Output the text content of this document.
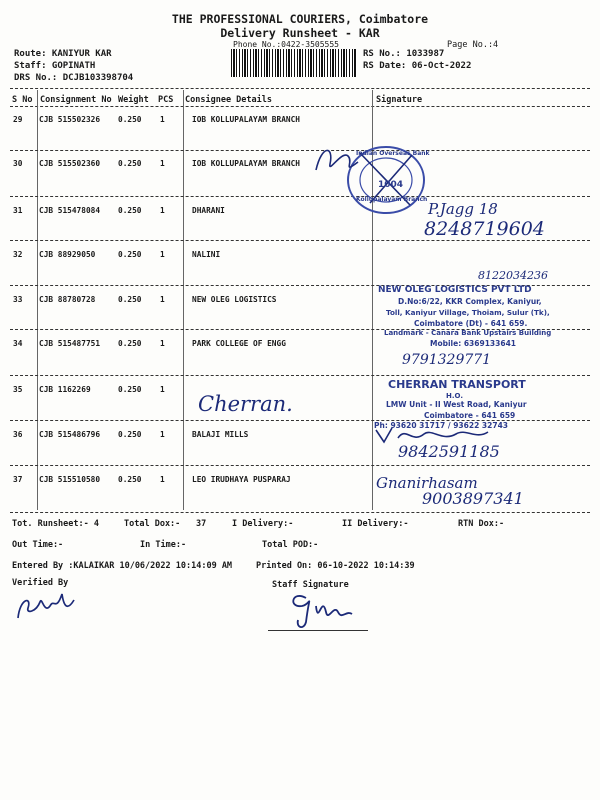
THE PROFESSIONAL COURIERS, Coimbatore
Delivery Runsheet - KAR
Phone No.:0422-3505555	Page No.:4
Route: KANIYUR KAR
Staff: GOPINATH
DRS No.: DCJB103398704
RS No.: 1033987
RS Date: 06-Oct-2022
S No Consignment No Weight PCS Consignee Details	Signature
29 CJB 515502326 0.250 1	IOB KOLLUPALAYAM BRANCH
30 CJB 515502360 0.250 1	IOB KOLLUPALAYAM BRANCH
31 CJB 515478084 0.250 1	DHARANI
32 CJB 88929050	0.250 1	NALINI
33 CJB 88780728	0.250 1	NEW OLEG LOGISTICS
34 CJB 515487751 0.250 1	PARK COLLEGE OF ENGG
35 CJB 1162269	0.250 1
36 CJB 515486796 0.250 1	BALAJI MILLS
37 CJB 515510580 0.250 1	LEO IRUDHAYA PUSPARAJ
Indian Overseas Bank
1004
Kollupalayam Branch
P.Jagg 18
8248719604
8122034236
NEW OLEG LOGISTICS PVT LTD
D.No:6/22, KKR Complex, Kaniyur,
Toll, Kaniyur Village, Thoiam, Sulur (Tk),
Coimbatore (Dt) - 641 659.
Landmark - Canara Bank Upstairs Building
Mobile: 6369133641
9791329771
Cherran.
CHERRAN TRANSPORT
H.O.
LMW Unit - II West Road, Kaniyur
Coimbatore - 641 659
Ph: 93620 31717 / 93622 32743
9842591185
Gnanirhasam
9003897341
Tot. Runsheet:- 4	Total Dox:- 37	I Delivery:-	II Delivery:-	RTN Dox:-
Out Time:-	In Time:-	Total POD:-
Entered By :KALAIKAR 10/06/2022 10:14:09 AM	Printed On: 06-10-2022 10:14:39
Verified By	Staff Signature
